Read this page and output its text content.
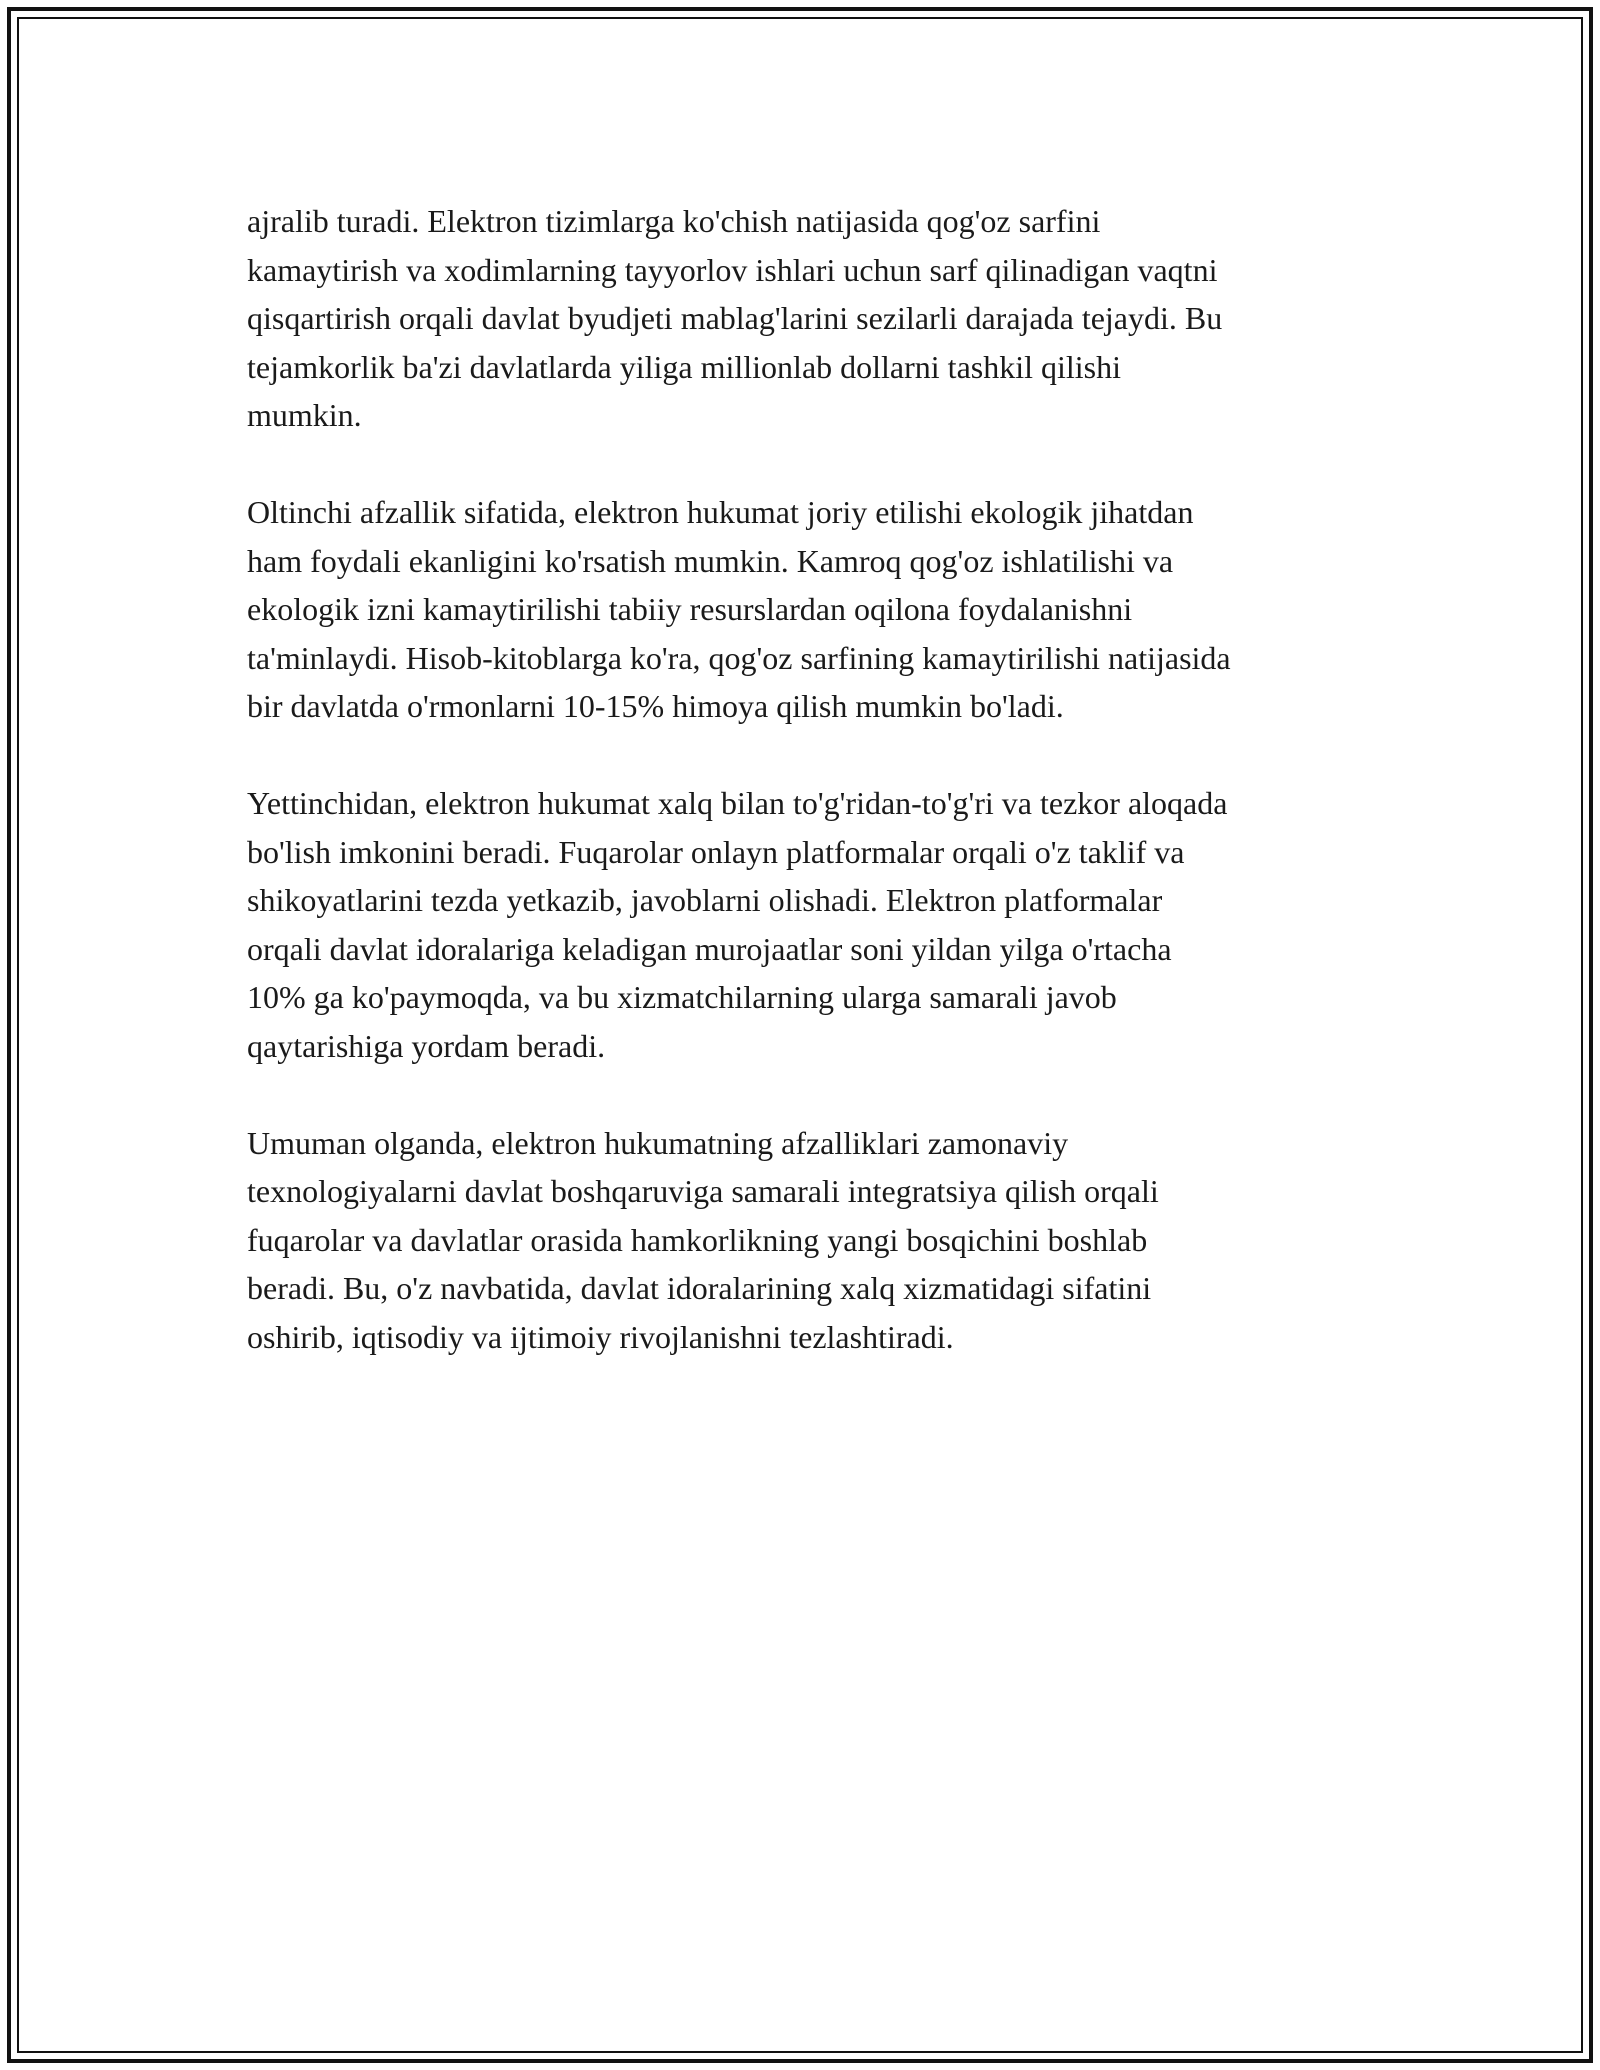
ajralib turadi. Elektron tizimlarga ko'chish natijasida qog'oz sarfini
kamaytirish va xodimlarning tayyorlov ishlari uchun sarf qilinadigan vaqtni
qisqartirish orqali davlat byudjeti mablag'larini sezilarli darajada tejaydi. Bu
tejamkorlik ba'zi davlatlarda yiliga millionlab dollarni tashkil qilishi
mumkin.

Oltinchi afzallik sifatida, elektron hukumat joriy etilishi ekologik jihatdan
ham foydali ekanligini ko'rsatish mumkin. Kamroq qog'oz ishlatilishi va
ekologik izni kamaytirilishi tabiiy resurslardan oqilona foydalanishni
ta'minlaydi. Hisob-kitoblarga ko'ra, qog'oz sarfining kamaytirilishi natijasida
bir davlatda o'rmonlarni 10-15% himoya qilish mumkin bo'ladi.

Yettinchidan, elektron hukumat xalq bilan to'g'ridan-to'g'ri va tezkor aloqada
bo'lish imkonini beradi. Fuqarolar onlayn platformalar orqali o'z taklif va
shikoyatlarini tezda yetkazib, javoblarni olishadi. Elektron platformalar
orqali davlat idoralariga keladigan murojaatlar soni yildan yilga o'rtacha
10% ga ko'paymoqda, va bu xizmatchilarning ularga samarali javob
qaytarishiga yordam beradi.

Umuman olganda, elektron hukumatning afzalliklari zamonaviy
texnologiyalarni davlat boshqaruviga samarali integratsiya qilish orqali
fuqarolar va davlatlar orasida hamkorlikning yangi bosqichini boshlab
beradi. Bu, o'z navbatida, davlat idoralarining xalq xizmatidagi sifatini
oshirib, iqtisodiy va ijtimoiy rivojlanishni tezlashtiradi.
